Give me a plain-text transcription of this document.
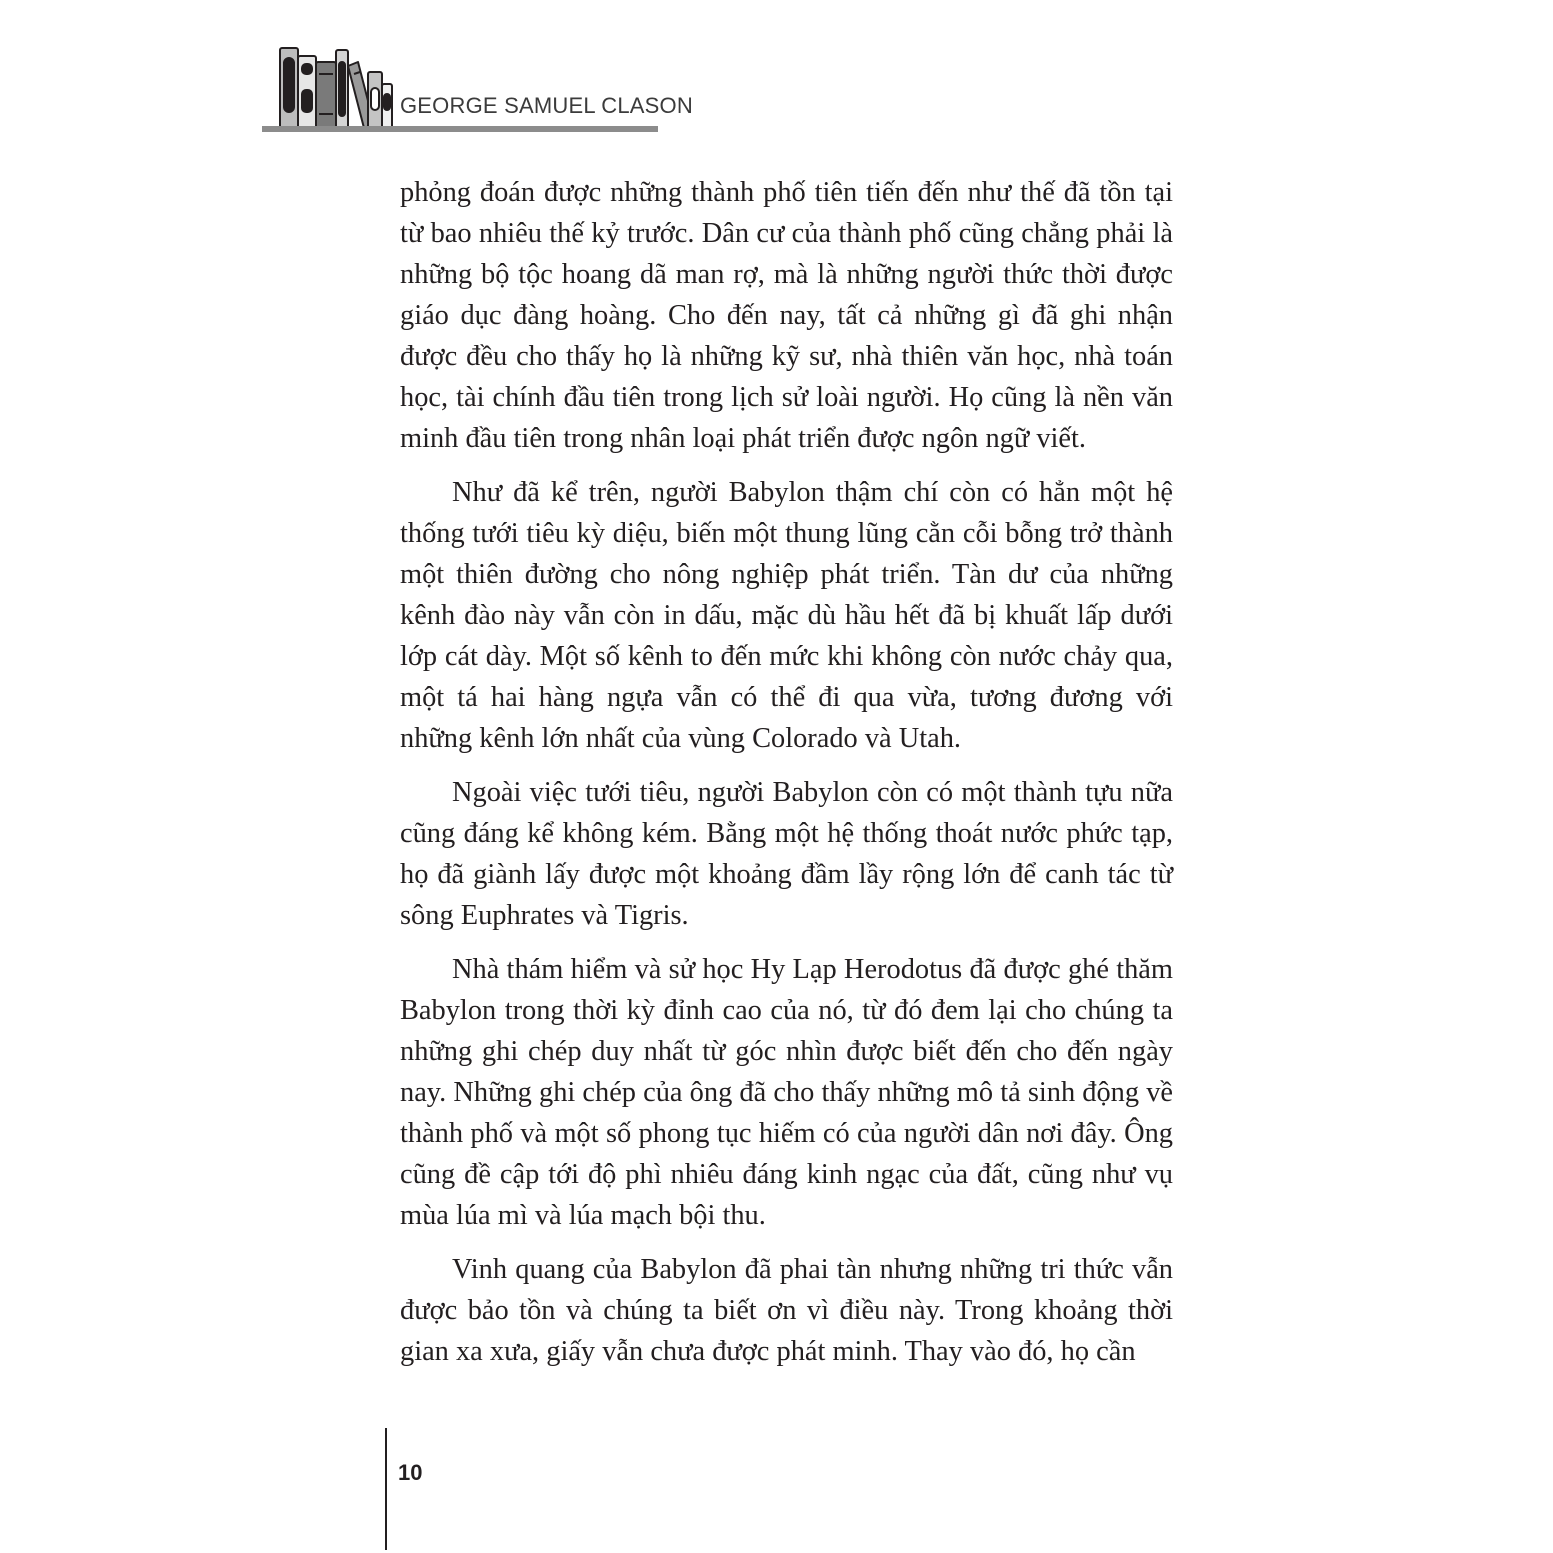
GEORGE SAMUEL CLASON

phỏng đoán được những thành phố tiên tiến đến như thế đã tồn tại từ bao nhiêu thế kỷ trước. Dân cư của thành phố cũng chẳng phải là những bộ tộc hoang dã man rợ, mà là những người thức thời được giáo dục đàng hoàng. Cho đến nay, tất cả những gì đã ghi nhận được đều cho thấy họ là những kỹ sư, nhà thiên văn học, nhà toán học, tài chính đầu tiên trong lịch sử loài người. Họ cũng là nền văn minh đầu tiên trong nhân loại phát triển được ngôn ngữ viết.

Như đã kể trên, người Babylon thậm chí còn có hẳn một hệ thống tưới tiêu kỳ diệu, biến một thung lũng cằn cỗi bỗng trở thành một thiên đường cho nông nghiệp phát triển. Tàn dư của những kênh đào này vẫn còn in dấu, mặc dù hầu hết đã bị khuất lấp dưới lớp cát dày. Một số kênh to đến mức khi không còn nước chảy qua, một tá hai hàng ngựa vẫn có thể đi qua vừa, tương đương với những kênh lớn nhất của vùng Colorado và Utah.

Ngoài việc tưới tiêu, người Babylon còn có một thành tựu nữa cũng đáng kể không kém. Bằng một hệ thống thoát nước phức tạp, họ đã giành lấy được một khoảng đầm lầy rộng lớn để canh tác từ sông Euphrates và Tigris.

Nhà thám hiểm và sử học Hy Lạp Herodotus đã được ghé thăm Babylon trong thời kỳ đỉnh cao của nó, từ đó đem lại cho chúng ta những ghi chép duy nhất từ góc nhìn được biết đến cho đến ngày nay. Những ghi chép của ông đã cho thấy những mô tả sinh động về thành phố và một số phong tục hiếm có của người dân nơi đây. Ông cũng đề cập tới độ phì nhiêu đáng kinh ngạc của đất, cũng như vụ mùa lúa mì và lúa mạch bội thu.

Vinh quang của Babylon đã phai tàn nhưng những tri thức vẫn được bảo tồn và chúng ta biết ơn vì điều này. Trong khoảng thời gian xa xưa, giấy vẫn chưa được phát minh. Thay vào đó, họ cần

10
